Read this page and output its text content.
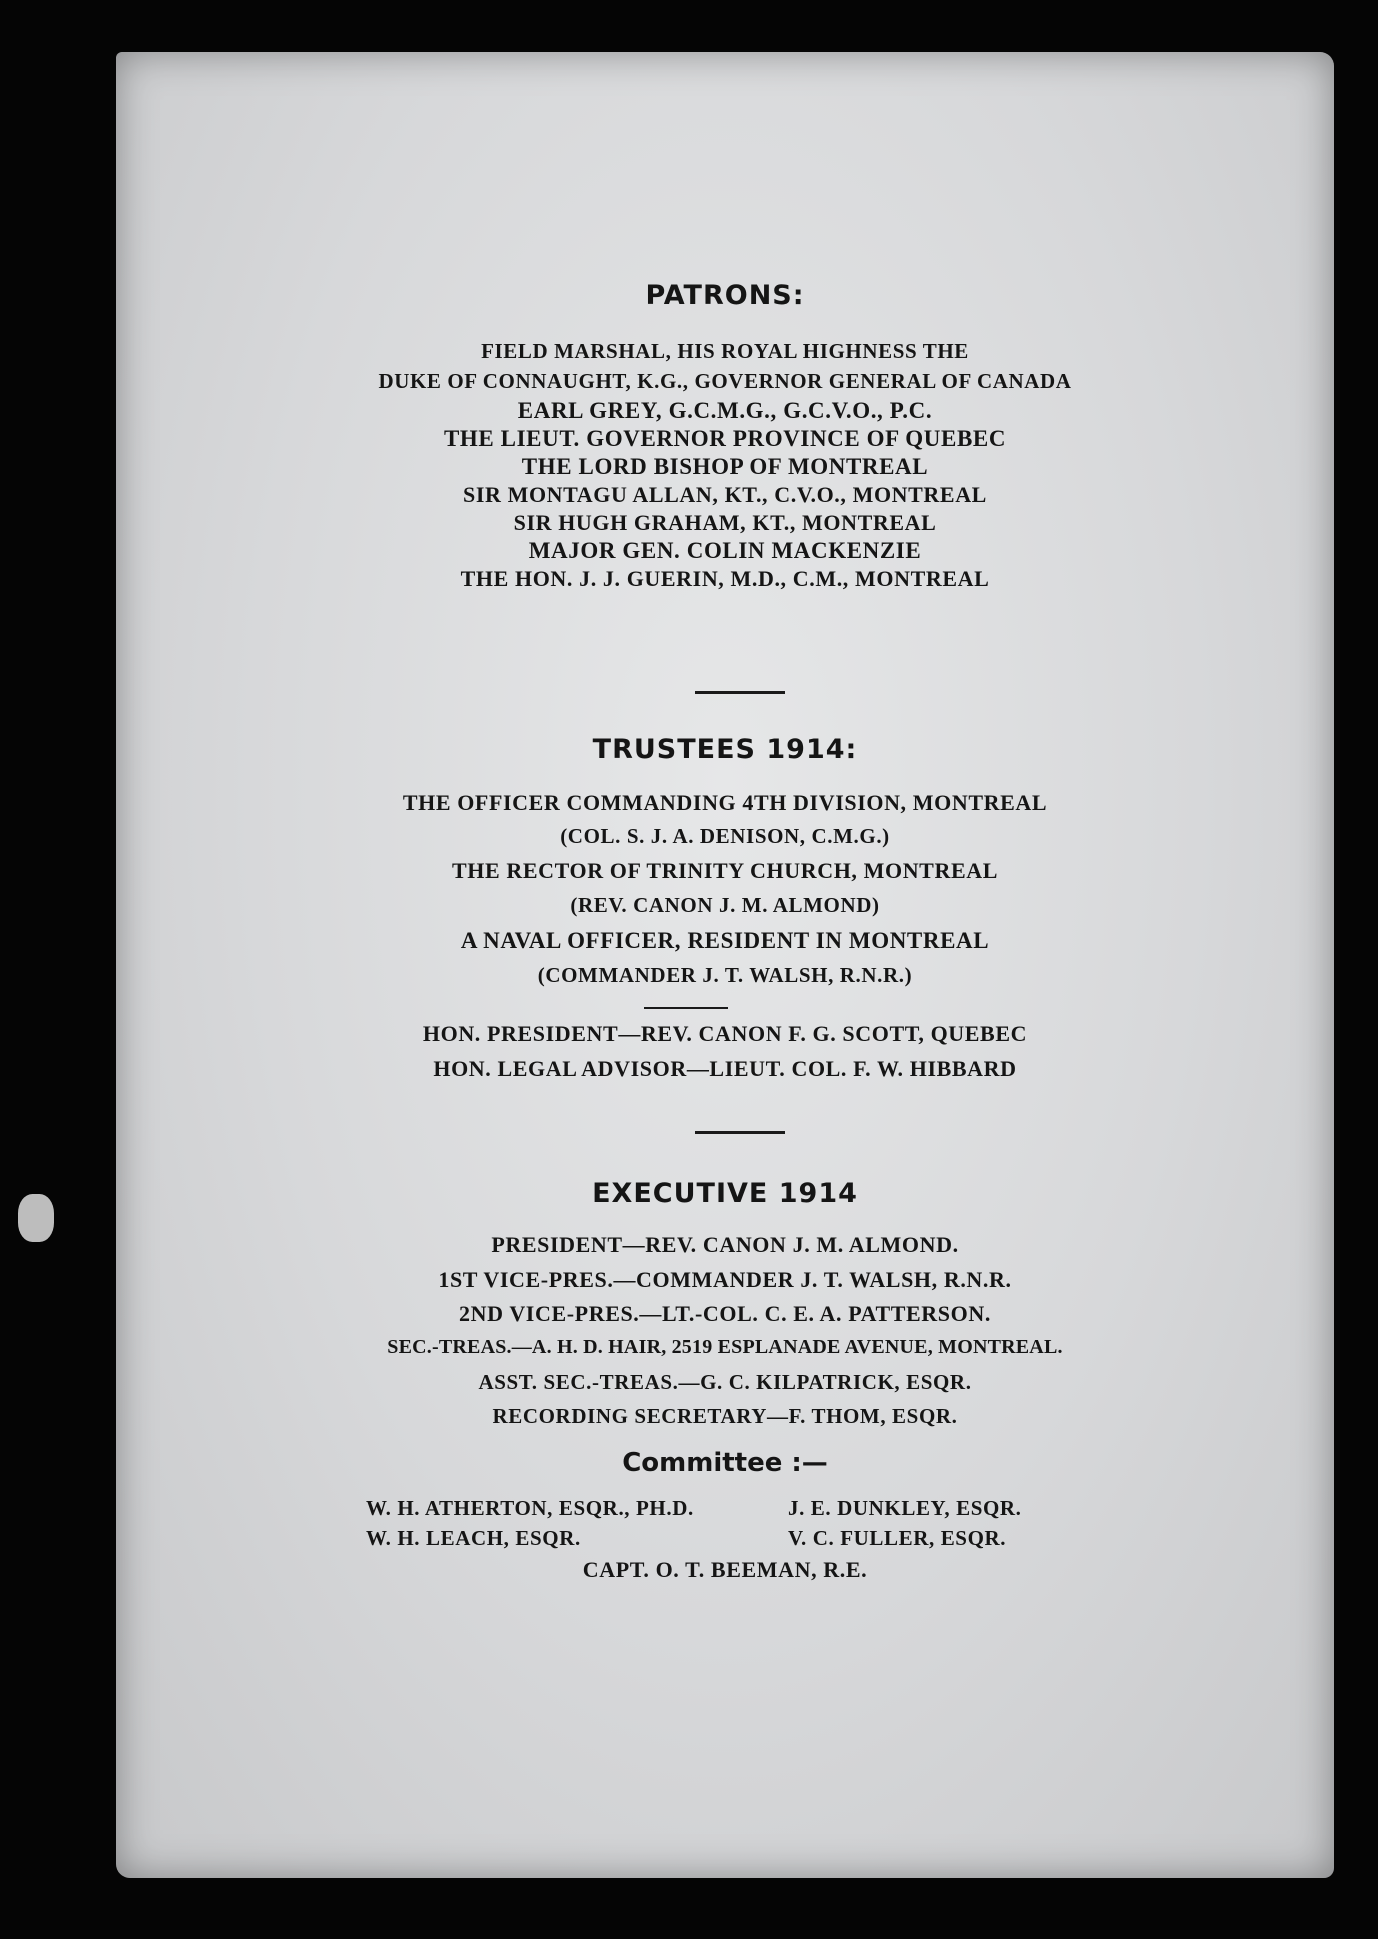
PATRONS:

FIELD MARSHAL, HIS ROYAL HIGHNESS THE

DUKE OF CONNAUGHT, K.G., GOVERNOR GENERAL OF CANADA

EARL GREY, G.C.M.G., G.C.V.O., P.C.

THE LIEUT. GOVERNOR PROVINCE OF QUEBEC

THE LORD BISHOP OF MONTREAL

SIR MONTAGU ALLAN, KT., C.V.O., MONTREAL

SIR HUGH GRAHAM, KT., MONTREAL

MAJOR GEN. COLIN MACKENZIE

THE HON. J. J. GUERIN, M.D., C.M., MONTREAL

TRUSTEES 1914:

THE OFFICER COMMANDING 4TH DIVISION, MONTREAL

(COL. S. J. A. DENISON, C.M.G.)

THE RECTOR OF TRINITY CHURCH, MONTREAL

(REV. CANON J. M. ALMOND)

A NAVAL OFFICER, RESIDENT IN MONTREAL

(COMMANDER J. T. WALSH, R.N.R.)

HON. PRESIDENT—REV. CANON F. G. SCOTT, QUEBEC

HON. LEGAL ADVISOR—LIEUT. COL. F. W. HIBBARD

EXECUTIVE 1914

PRESIDENT—REV. CANON J. M. ALMOND.

1ST VICE-PRES.—COMMANDER J. T. WALSH, R.N.R.

2ND VICE-PRES.—LT.-COL. C. E. A. PATTERSON.

SEC.-TREAS.—A. H. D. HAIR, 2519 ESPLANADE AVENUE, MONTREAL.

ASST. SEC.-TREAS.—G. C. KILPATRICK, ESQR.

RECORDING SECRETARY—F. THOM, ESQR.

Committee :—

W. H. ATHERTON, ESQR., PH.D.	J. E. DUNKLEY, ESQR.

W. H. LEACH, ESQR.	V. C. FULLER, ESQR.

CAPT. O. T. BEEMAN, R.E.
